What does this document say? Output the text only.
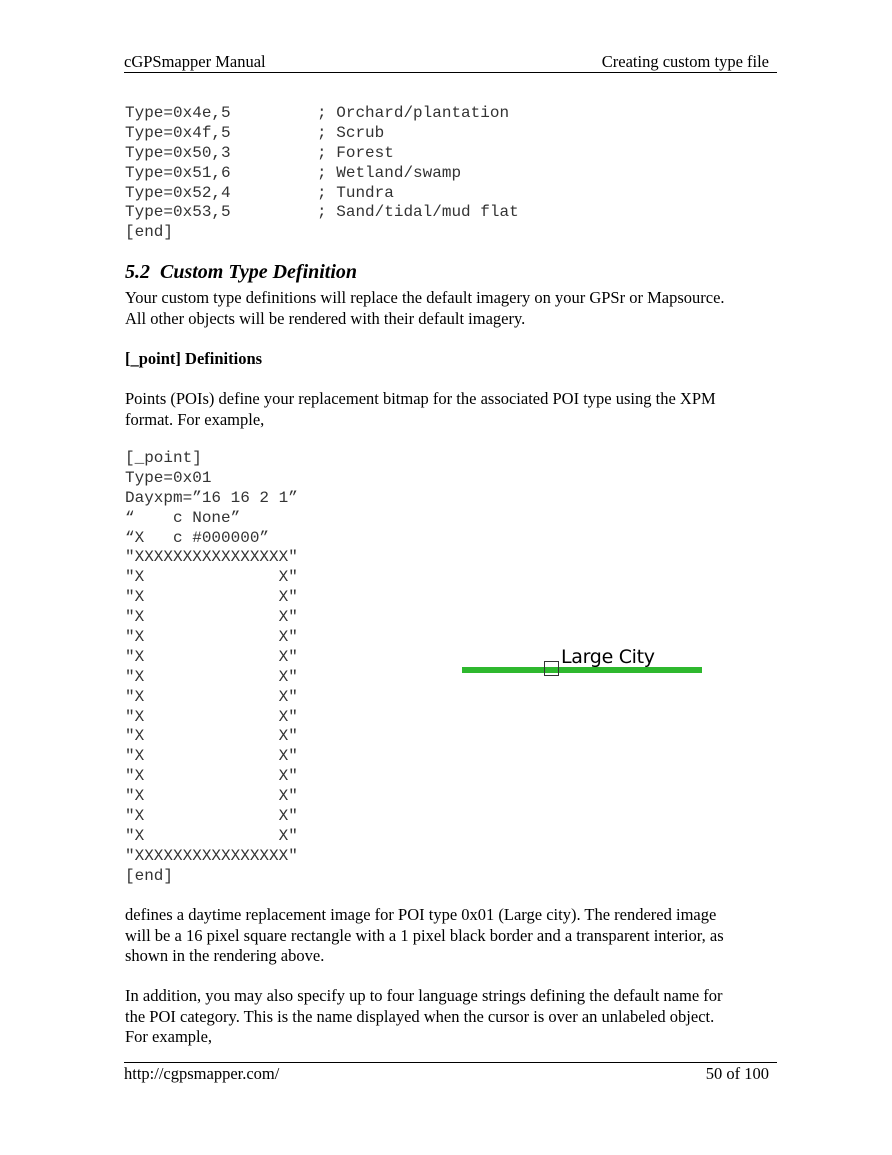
cGPSmapper Manual	Creating custom type file
Type=0x4e,5         ; Orchard/plantation
Type=0x4f,5         ; Scrub
Type=0x50,3         ; Forest
Type=0x51,6         ; Wetland/swamp
Type=0x52,4         ; Tundra
Type=0x53,5         ; Sand/tidal/mud flat
[end]
5.2 Custom Type Definition
Your custom type definitions will replace the default imagery on your GPSr or Mapsource.
All other objects will be rendered with their default imagery.
[_point] Definitions
Points (POIs) define your replacement bitmap for the associated POI type using the XPM
format. For example,
[_point]
Type=0x01
Dayxpm=”16 16 2 1”
“    c None”
“X   c #000000”
"XXXXXXXXXXXXXXXX"
"X              X"
"X              X"
"X              X"
"X              X"
"X              X"
"X              X"
"X              X"
"X              X"
"X              X"
"X              X"
"X              X"
"X              X"
"X              X"
"X              X"
"XXXXXXXXXXXXXXXX"
[end]
Large City
defines a daytime replacement image for POI type 0x01 (Large city). The rendered image
will be a 16 pixel square rectangle with a 1 pixel black border and a transparent interior, as
shown in the rendering above.
In addition, you may also specify up to four language strings defining the default name for
the POI category. This is the name displayed when the cursor is over an unlabeled object.
For example,
http://cgpsmapper.com/	50 of 100
